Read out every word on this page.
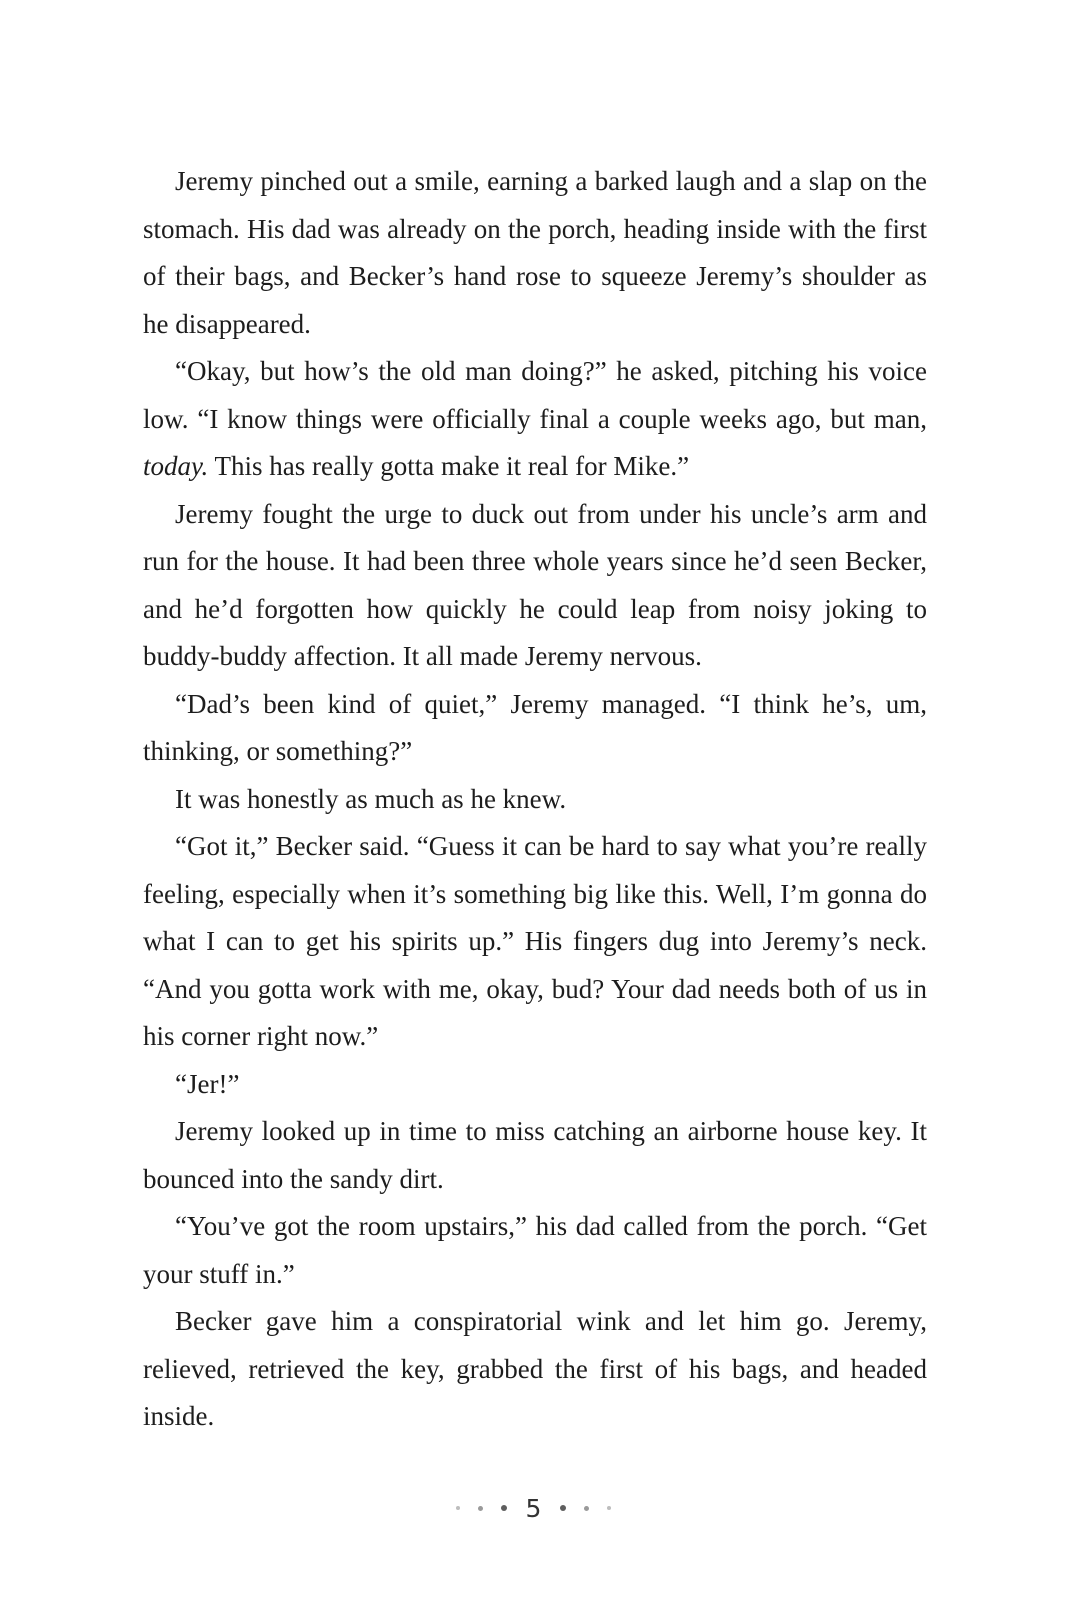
Jeremy pinched out a smile, earning a barked laugh and a slap on the stomach. His dad was already on the porch, heading inside with the first of their bags, and Becker’s hand rose to squeeze Jeremy’s shoulder as he disappeared.

“Okay, but how’s the old man doing?” he asked, pitching his voice low. “I know things were officially final a couple weeks ago, but man, today. This has really gotta make it real for Mike.”

Jeremy fought the urge to duck out from under his uncle’s arm and run for the house. It had been three whole years since he’d seen Becker, and he’d forgotten how quickly he could leap from noisy joking to buddy-buddy affection. It all made Jeremy nervous.

“Dad’s been kind of quiet,” Jeremy managed. “I think he’s, um, thinking, or something?”

It was honestly as much as he knew.

“Got it,” Becker said. “Guess it can be hard to say what you’re really feeling, especially when it’s something big like this. Well, I’m gonna do what I can to get his spirits up.” His fingers dug into Jeremy’s neck. “And you gotta work with me, okay, bud? Your dad needs both of us in his corner right now.”

“Jer!”

Jeremy looked up in time to miss catching an airborne house key. It bounced into the sandy dirt.

“You’ve got the room upstairs,” his dad called from the porch. “Get your stuff in.”

Becker gave him a conspiratorial wink and let him go. Jeremy, relieved, retrieved the key, grabbed the first of his bags, and headed inside.

5
